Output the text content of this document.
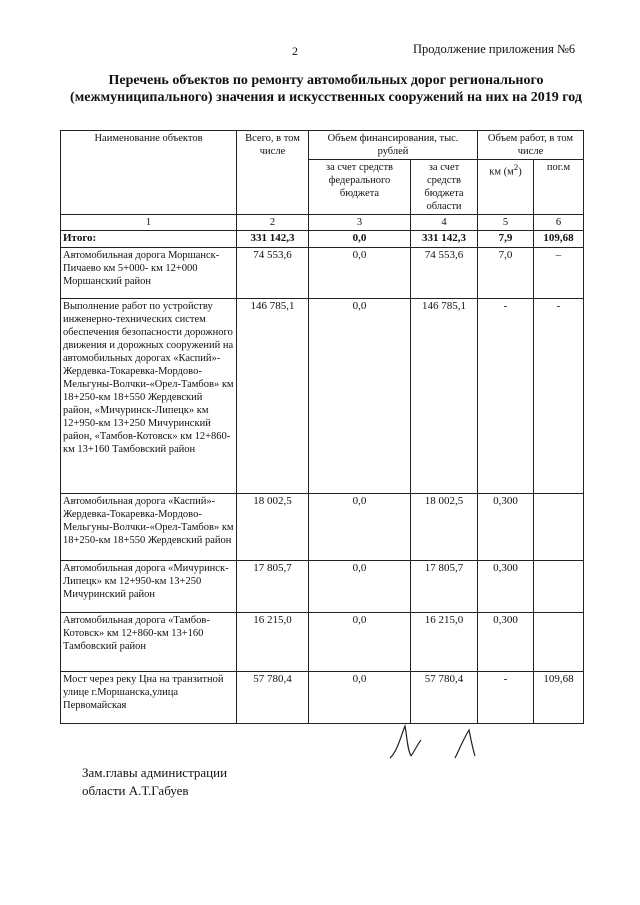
2	Продолжение приложения №6
Перечень объектов по ремонту автомобильных дорог регионального (межмуниципального) значения и искусственных сооружений на них на 2019 год
Наименование объектов	Всего, в том числе	Объем финансирования, тыс. рублей		Объем работ, в том числе	
		за счет средств федерального бюджета	за счет средств бюджета области	км $(м^2)$	пог.м
1	2	3	4	5	6
Итого:	331 142,3	0,0	331 142,3	7,9	109,68
Автомобильная дорога Моршанск- Пичаево км 5+000- км 12+000 Моршанский район	74 553,6	0,0	74 553,6	7,0	–
Выполнение работ по устройству инженерно-технических систем обеспечения безопасности дорожного движения и дорожных сооружений на автомобильных дорогах «Каспий»-Жердевка-Токаревка-Мордово-Мельгуны-Волчки-«Орел-Тамбов» км 18+250-км 18+550 Жердевский район, «Мичуринск-Липецк» км 12+950-км 13+250 Мичуринский район, «Тамбов-Котовск» км 12+860-км 13+160 Тамбовский район	146 785,1	0,0	146 785,1	-	-
Автомобильная дорога «Каспий»-Жердевка-Токаревка-Мордово-Мельгуны-Волчки-«Орел-Тамбов» км 18+250-км 18+550 Жердевский район	18 002,5	0,0	18 002,5	0,300	
Автомобильная дорога «Мичуринск-Липецк» км 12+950-км 13+250 Мичуринский район	17 805,7	0,0	17 805,7	0,300	
Автомобильная дорога «Тамбов-Котовск» км 12+860-км 13+160 Тамбовский район	16 215,0	0,0	16 215,0	0,300	
Мост через реку Цна на транзитной улице г.Моршанска,улица Первомайская	57 780,4	0,0	57 780,4	-	109,68
Зам.главы администрации
области А.Т.Габуев
